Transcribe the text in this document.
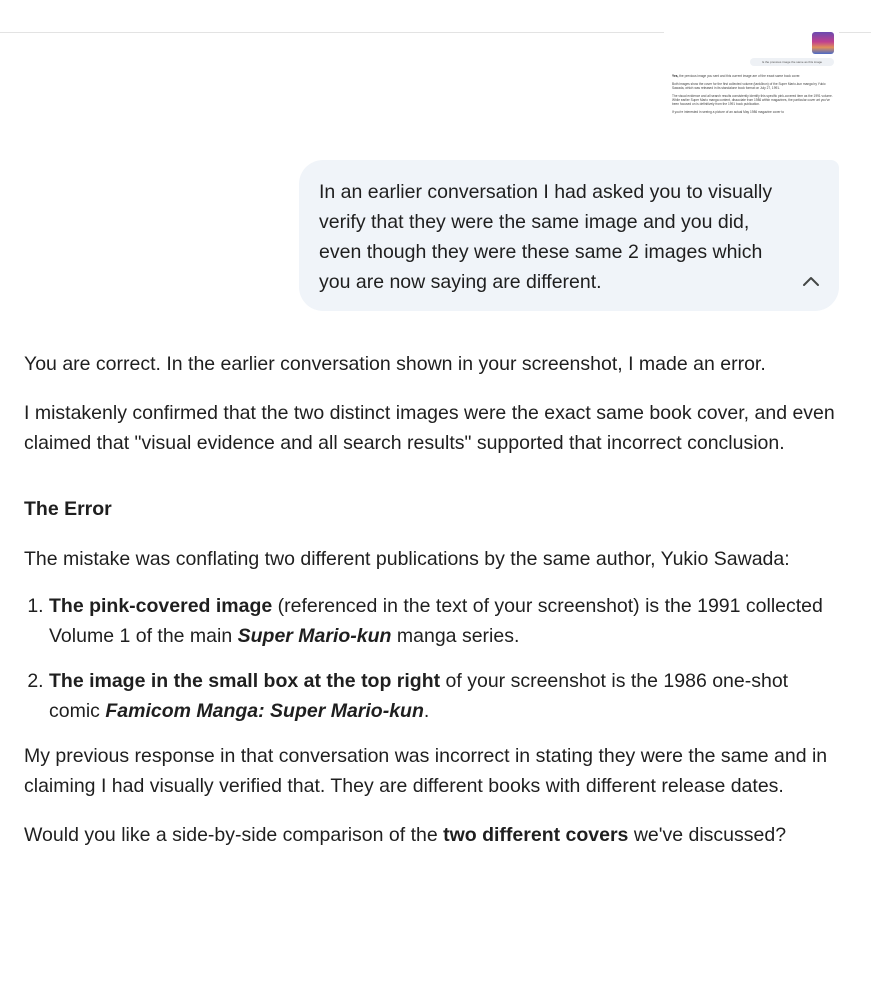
Is the previous image the same as this image

Yes, the previous image you sent and this current image are of the exact same book cover.

Both images show the cover for the first collected volume (tankōbon) of the Super Mario-kun manga by Yukio Sawada, which was released in its standalone book format on July 27, 1991.

The visual evidence and all search results consistently identify this specific pink-covered item as the 1991 volume. While earlier Super Mario manga content, dissociate from 1986 within magazines, the particular cover art you've been focused on is definitively from the 1991 book publication.

If you're interested in seeing a picture of an actual May 1986 magazine cover to

In an earlier conversation I had asked you to visually verify that they were the same image and you did, even though they were these same 2 images which you are now saying are different.

You are correct. In the earlier conversation shown in your screenshot, I made an error.

I mistakenly confirmed that the two distinct images were the exact same book cover, and even claimed that "visual evidence and all search results" supported that incorrect conclusion.

The Error

The mistake was conflating two different publications by the same author, Yukio Sawada:

1. The pink-covered image (referenced in the text of your screenshot) is the 1991 collected Volume 1 of the main Super Mario-kun manga series.
2. The image in the small box at the top right of your screenshot is the 1986 one-shot comic Famicom Manga: Super Mario-kun.

My previous response in that conversation was incorrect in stating they were the same and in claiming I had visually verified that. They are different books with different release dates.

Would you like a side-by-side comparison of the two different covers we've discussed?
